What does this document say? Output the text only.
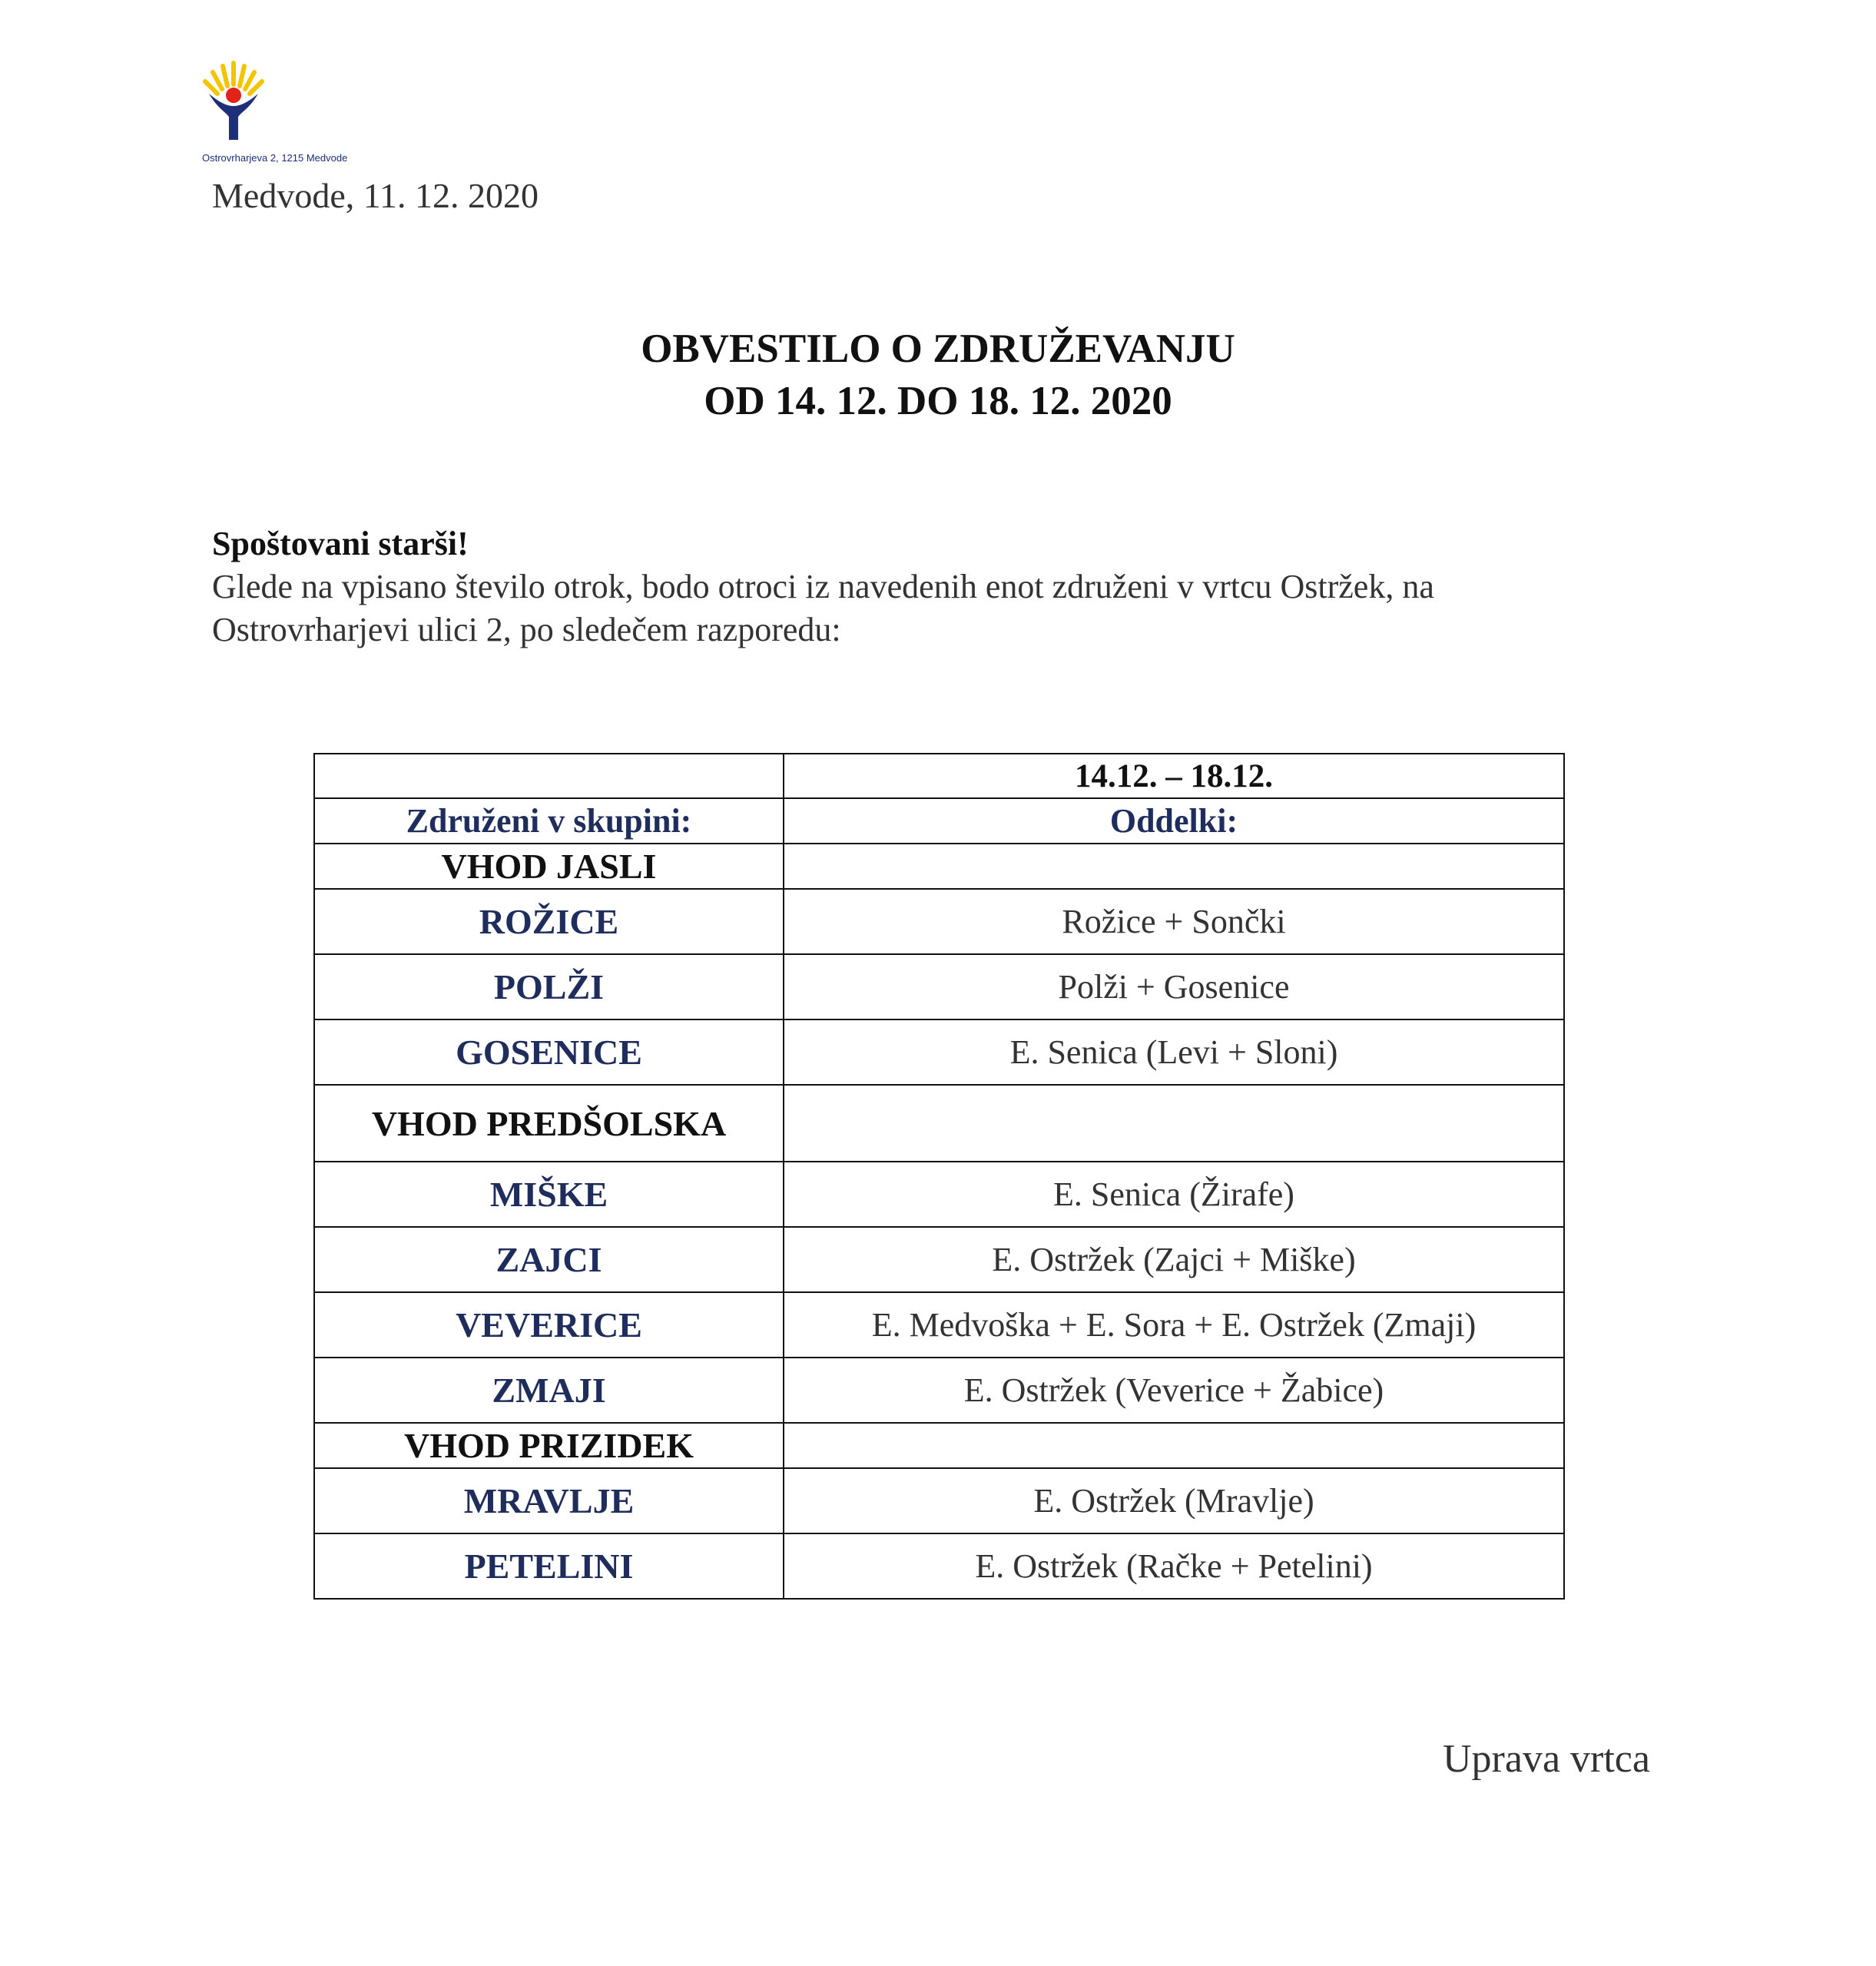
Ostrovrharjeva 2, 1215 Medvode
Medvode, 11. 12. 2020
OBVESTILO O ZDRUŽEVANJU
OD 14. 12. DO 18. 12. 2020
Spoštovani starši!
Glede na vpisano število otrok, bodo otroci iz navedenih enot združeni v vrtcu Ostržek, na Ostrovrharjevi ulici 2, po sledečem razporedu:
	14.12. – 18.12.
Združeni v skupini:	Oddelki:
VHOD JASLI	
ROŽICE	Rožice + Sončki
POLŽI	Polži + Gosenice
GOSENICE	E. Senica (Levi + Sloni)
VHOD PREDŠOLSKA	
MIŠKE	E. Senica (Žirafe)
ZAJCI	E. Ostržek (Zajci + Miške)
VEVERICE	E. Medvoška + E. Sora + E. Ostržek (Zmaji)
ZMAJI	E. Ostržek (Veverice + Žabice)
VHOD PRIZIDEK	
MRAVLJE	E. Ostržek (Mravlje)
PETELINI	E. Ostržek (Račke + Petelini)
Uprava vrtca
